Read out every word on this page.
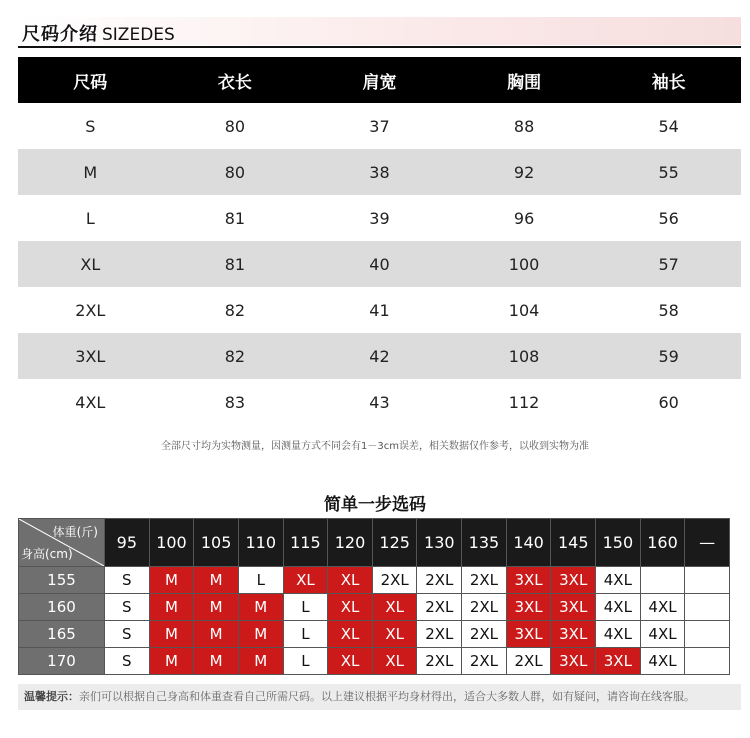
尺码介绍 SIZEDES
尺码	衣长	肩宽	胸围	袖长
S	80	37	88	54
M	80	38	92	55
L	81	39	96	56
XL	81	40	100	57
2XL	82	41	104	58
3XL	82	42	108	59
4XL	83	43	112	60
全部尺寸均为实物测量，因测量方式不同会有1－3cm误差，相关数据仅作参考，以收到实物为准
简单一步选码
体重(斤)
身高(cm)	95	100	105	110	115	120	125	130	135	140	145	150	160	—
155	S	M	M	L	XL	XL	2XL	2XL	2XL	3XL	3XL	4XL		
160	S	M	M	M	L	XL	XL	2XL	2XL	3XL	3XL	4XL	4XL	
165	S	M	M	M	L	XL	XL	2XL	2XL	3XL	3XL	4XL	4XL	
170	S	M	M	M	L	XL	XL	2XL	2XL	2XL	3XL	3XL	4XL	
温馨提示：亲们可以根据自己身高和体重查看自己所需尺码。以上建议根据平均身材得出，适合大多数人群，如有疑问，请咨询在线客服。
